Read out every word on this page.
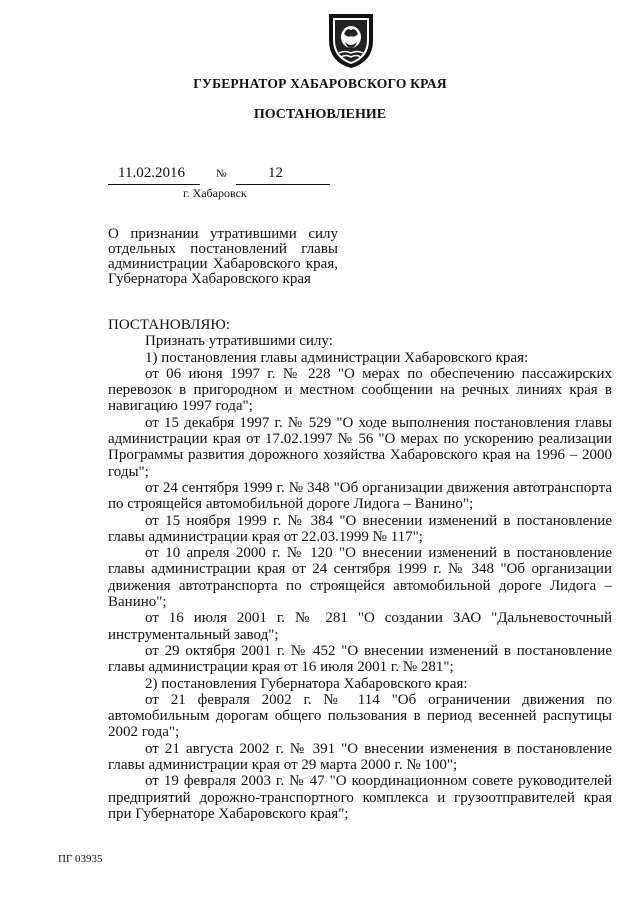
ГУБЕРНАТОР ХАБАРОВСКОГО КРАЯ
ПОСТАНОВЛЕНИЕ
11.02.2016	№	12
г. Хабаровск
О признании утратившими силу
отдельных постановлений главы
администрации Хабаровского края,
Губернатора Хабаровского края

ПОСТАНОВЛЯЮ:

Признать утратившими силу:

1) постановления главы администрации Хабаровского края:

от 06 июня 1997 г. № 228 "О мерах по обеспечению пассажирских перевозок в пригородном и местном сообщении на речных линиях края в навигацию 1997 года";

от 15 декабря 1997 г. № 529 "О ходе выполнения постановления главы администрации края от 17.02.1997 № 56 "О мерах по ускорению реализации Программы развития дорожного хозяйства Хабаровского края на 1996 – 2000 годы";

от 24 сентября 1999 г. № 348 "Об организации движения автотранспорта по строящейся автомобильной дороге Лидога – Ванино";

от 15 ноября 1999 г. № 384 "О внесении изменений в постановление главы администрации края от 22.03.1999 № 117";

от 10 апреля 2000 г. № 120 "О внесении изменений в постановление главы администрации края от 24 сентября 1999 г. № 348 "Об организации движения автотранспорта по строящейся автомобильной дороге Лидога – Ванино";

от 16 июля 2001 г. № 281 "О создании ЗАО "Дальневосточный инструментальный завод";

от 29 октября 2001 г. № 452 "О внесении изменений в постановление главы администрации края от 16 июля 2001 г. № 281";

2) постановления Губернатора Хабаровского края:

от 21 февраля 2002 г. № 114 "Об ограничении движения по автомобильным дорогам общего пользования в период весенней распутицы 2002 года";

от 21 августа 2002 г. № 391 "О внесении изменения в постановление главы администрации края от 29 марта 2000 г. № 100";

от 19 февраля 2003 г. № 47 "О координационном совете руководителей предприятий дорожно-транспортного комплекса и грузоотправителей края при Губернаторе Хабаровского края";

ПГ 03935
